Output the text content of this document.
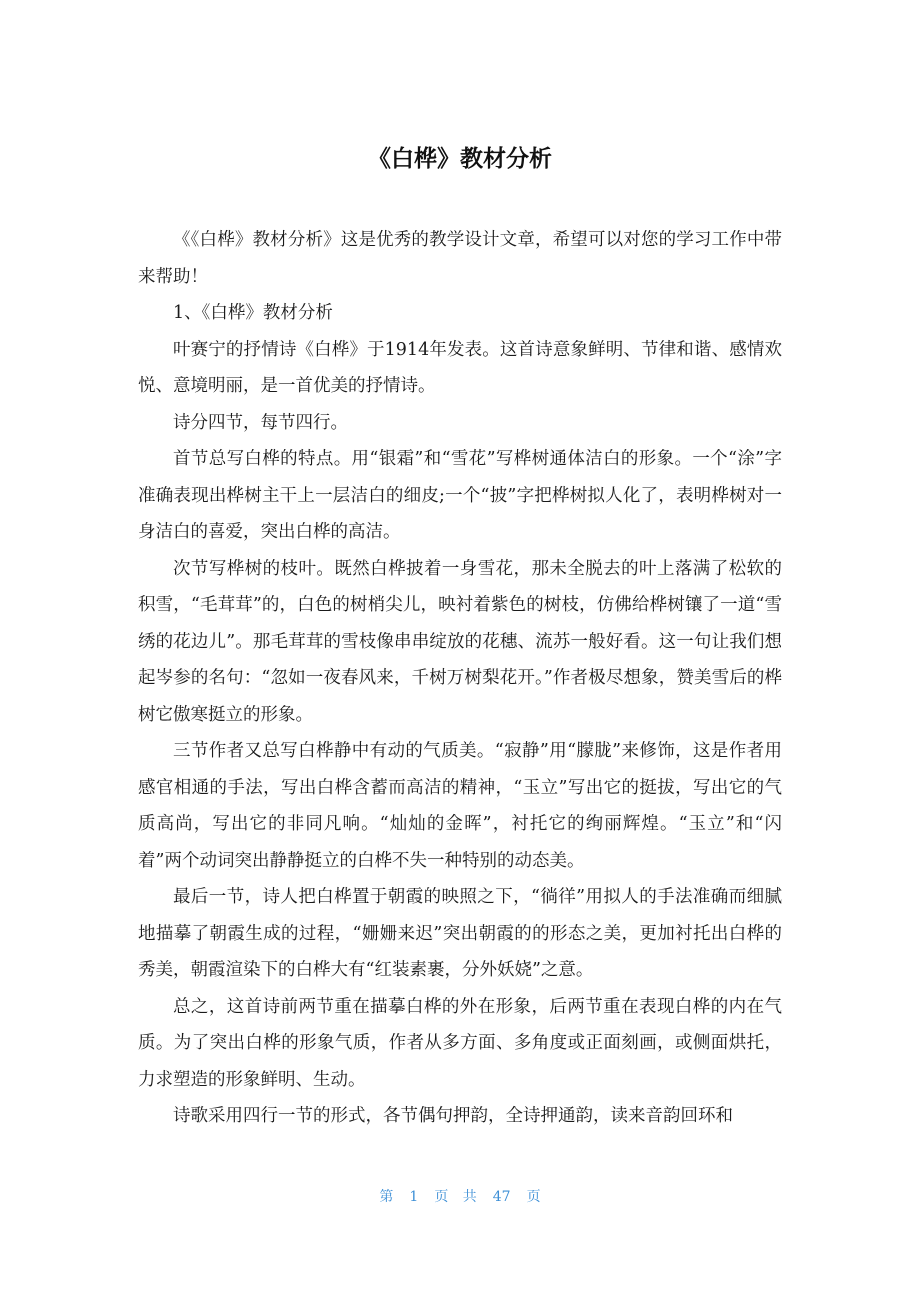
《白桦》教材分析

《《白桦》教材分析》这是优秀的教学设计文章，希望可以对您的学习工作中带来帮助！

1、《白桦》教材分析

叶赛宁的抒情诗《白桦》于1914年发表。这首诗意象鲜明、节律和谐、感情欢悦、意境明丽，是一首优美的抒情诗。

诗分四节，每节四行。

首节总写白桦的特点。用“银霜”和“雪花”写桦树通体洁白的形象。一个“涂”字准确表现出桦树主干上一层洁白的细皮;一个“披”字把桦树拟人化了，表明桦树对一身洁白的喜爱，突出白桦的高洁。

次节写桦树的枝叶。既然白桦披着一身雪花，那未全脱去的叶上落满了松软的积雪，“毛茸茸”的，白色的树梢尖儿，映衬着紫色的树枝，仿佛给桦树镶了一道“雪绣的花边儿”。那毛茸茸的雪枝像串串绽放的花穗、流苏一般好看。这一句让我们想起岑参的名句：“忽如一夜春风来，千树万树梨花开。”作者极尽想象，赞美雪后的桦树它傲寒挺立的形象。

三节作者又总写白桦静中有动的气质美。“寂静”用“朦胧”来修饰，这是作者用感官相通的手法，写出白桦含蓄而高洁的精神，“玉立”写出它的挺拔，写出它的气质高尚，写出它的非同凡响。“灿灿的金晖”，衬托它的绚丽辉煌。“玉立”和“闪着”两个动词突出静静挺立的白桦不失一种特别的动态美。

最后一节，诗人把白桦置于朝霞的映照之下，“徜徉”用拟人的手法准确而细腻地描摹了朝霞生成的过程，“姗姗来迟”突出朝霞的的形态之美，更加衬托出白桦的秀美，朝霞渲染下的白桦大有“红装素裹，分外妖娆”之意。

总之，这首诗前两节重在描摹白桦的外在形象，后两节重在表现白桦的内在气质。为了突出白桦的形象气质，作者从多方面、多角度或正面刻画，或侧面烘托，力求塑造的形象鲜明、生动。

诗歌采用四行一节的形式，各节偶句押韵，全诗押通韵，读来音韵回环和

第 1 页 共 47 页
